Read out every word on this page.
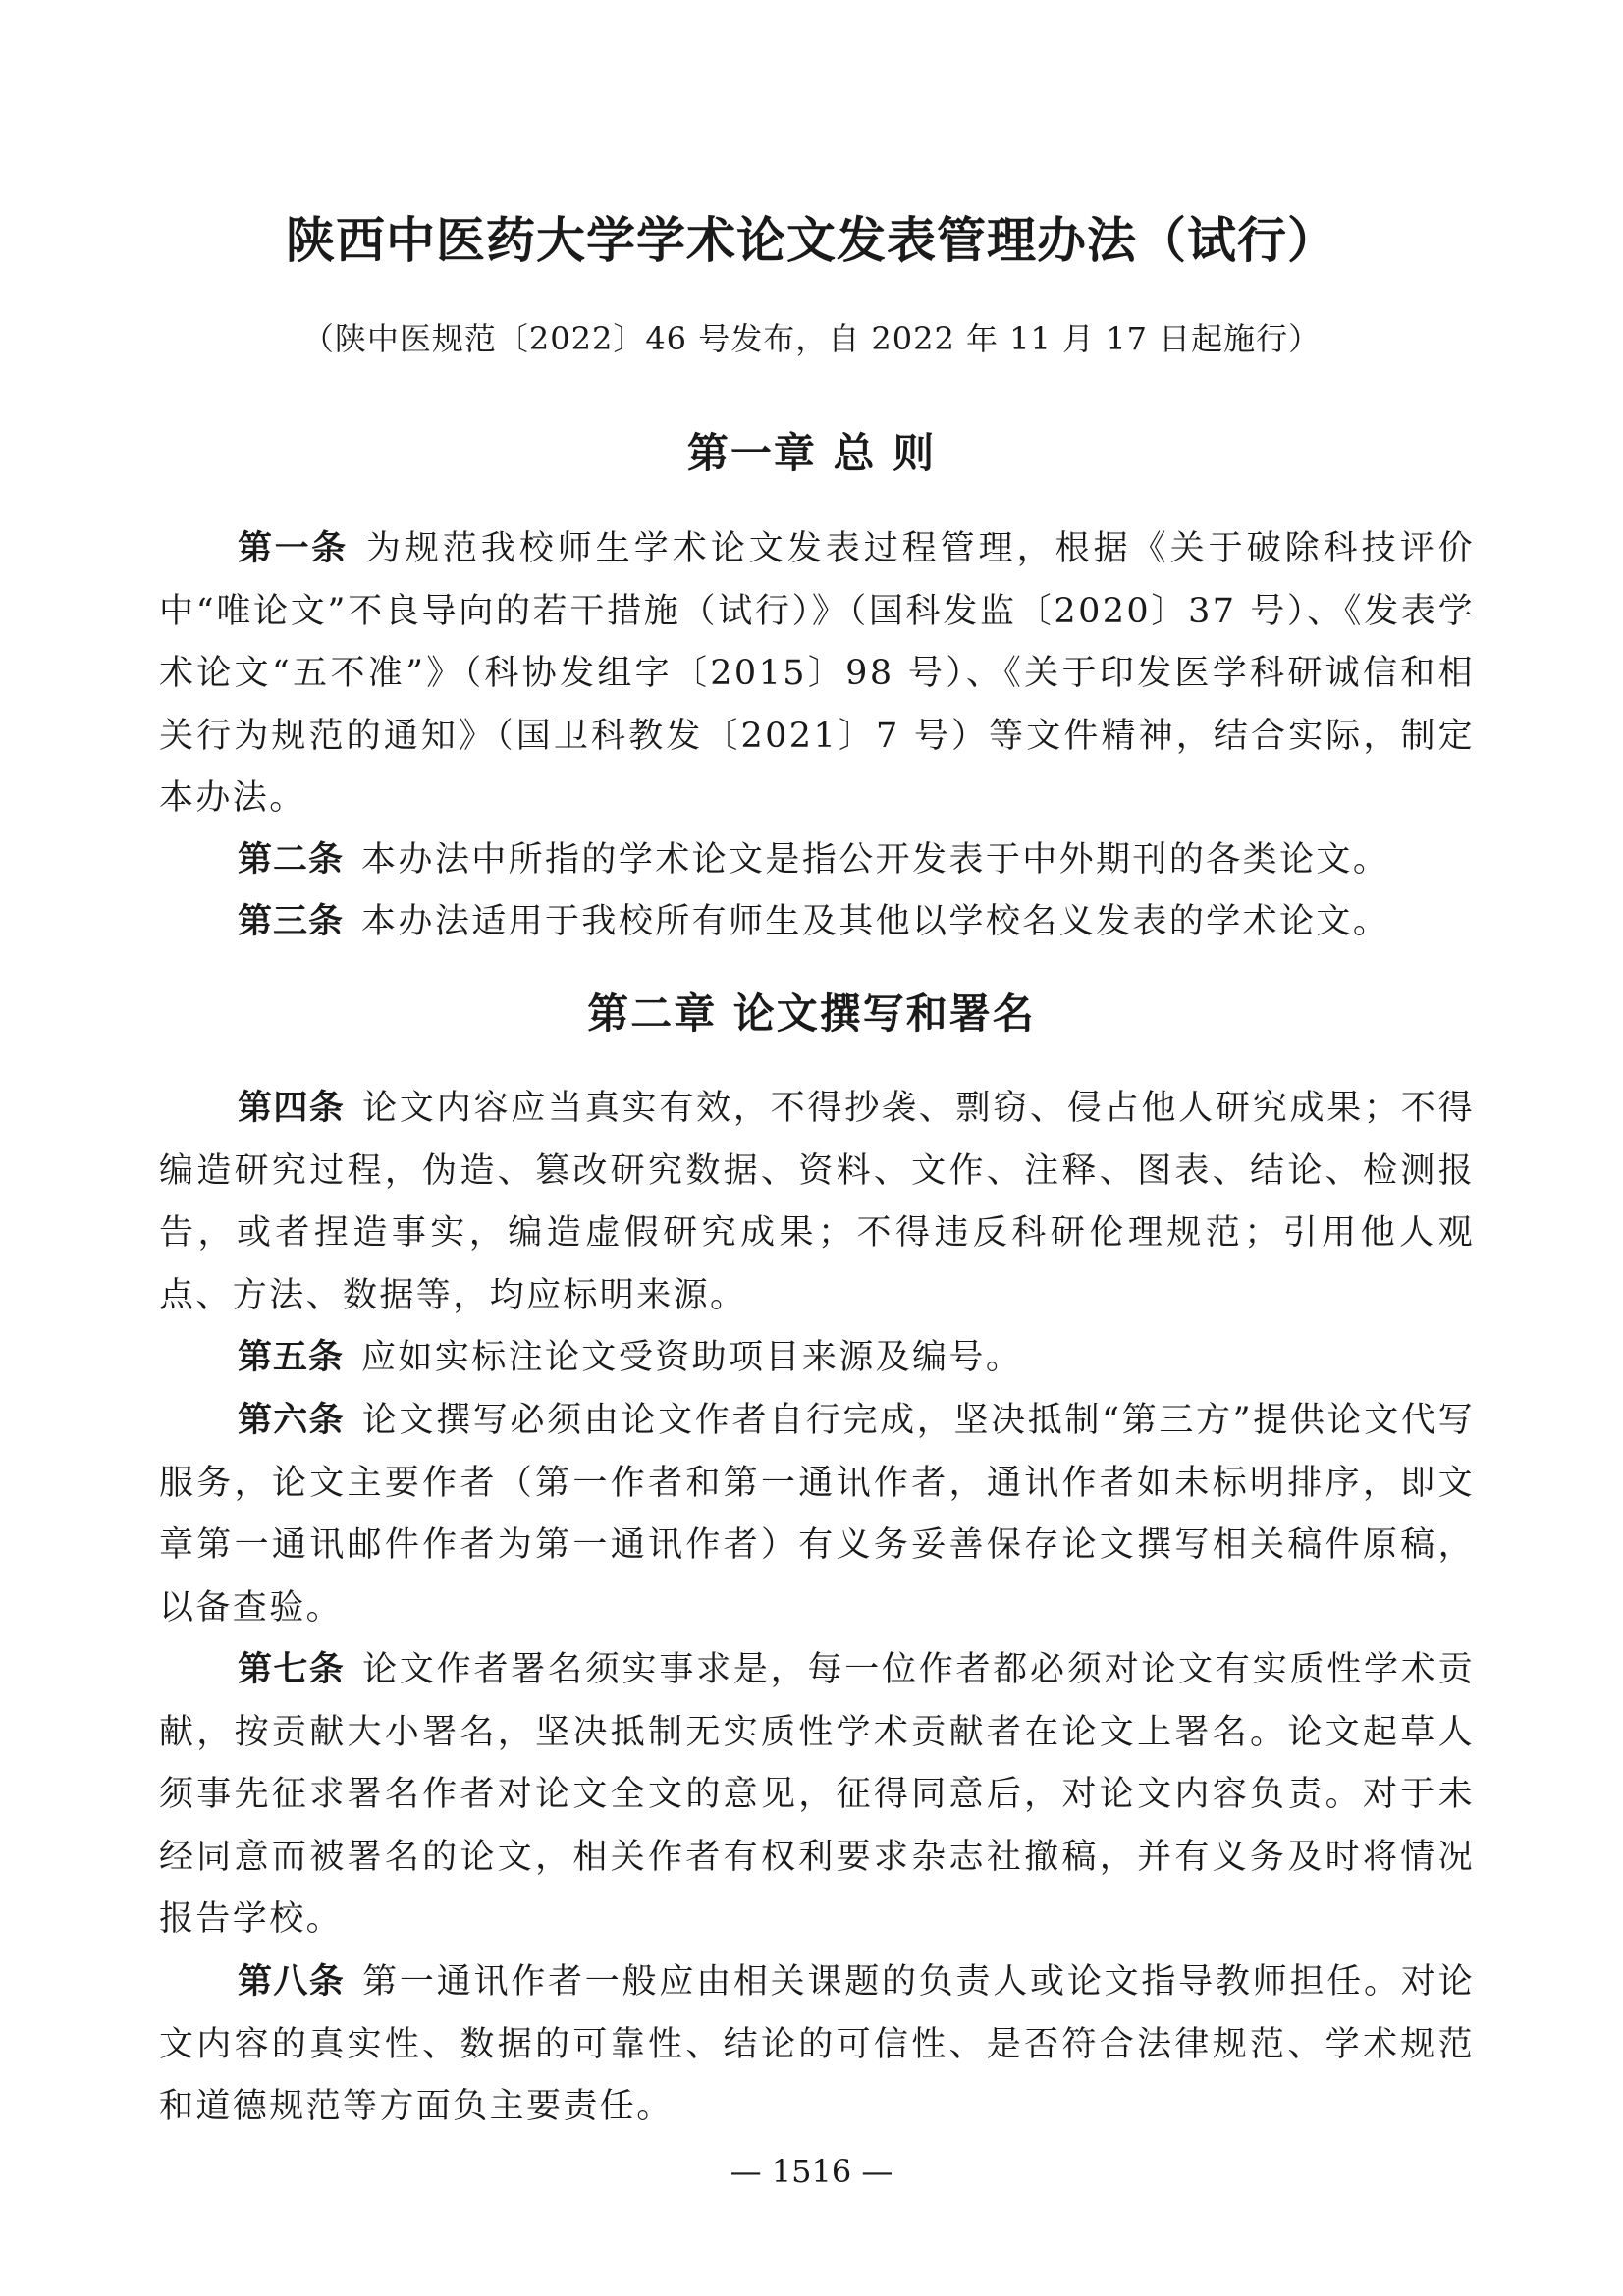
陕西中医药大学学术论文发表管理办法（试行）
（陕中医规范〔2022〕46 号发布，自 2022 年 11 月 17 日起施行）
第一章 总 则
第一条 为规范我校师生学术论文发表过程管理，根据《关于破除科技评价中“唯论文”不良导向的若干措施（试行）》（国科发监〔2020〕37 号）、《发表学术论文“五不准”》（科协发组字〔2015〕98 号）、《关于印发医学科研诚信和相关行为规范的通知》（国卫科教发〔2021〕7 号）等文件精神，结合实际，制定本办法。
第二条 本办法中所指的学术论文是指公开发表于中外期刊的各类论文。
第三条 本办法适用于我校所有师生及其他以学校名义发表的学术论文。
第二章 论文撰写和署名
第四条 论文内容应当真实有效，不得抄袭、剽窃、侵占他人研究成果；不得编造研究过程，伪造、篡改研究数据、资料、文作、注释、图表、结论、检测报告，或者捏造事实，编造虚假研究成果；不得违反科研伦理规范；引用他人观点、方法、数据等，均应标明来源。
第五条 应如实标注论文受资助项目来源及编号。
第六条 论文撰写必须由论文作者自行完成，坚决抵制“第三方”提供论文代写服务，论文主要作者（第一作者和第一通讯作者，通讯作者如未标明排序，即文章第一通讯邮件作者为第一通讯作者）有义务妥善保存论文撰写相关稿件原稿，以备查验。
第七条 论文作者署名须实事求是，每一位作者都必须对论文有实质性学术贡献，按贡献大小署名，坚决抵制无实质性学术贡献者在论文上署名。论文起草人须事先征求署名作者对论文全文的意见，征得同意后，对论文内容负责。对于未经同意而被署名的论文，相关作者有权利要求杂志社撤稿，并有义务及时将情况报告学校。
第八条 第一通讯作者一般应由相关课题的负责人或论文指导教师担任。对论文内容的真实性、数据的可靠性、结论的可信性、是否符合法律规范、学术规范和道德规范等方面负主要责任。
— 1516 —
